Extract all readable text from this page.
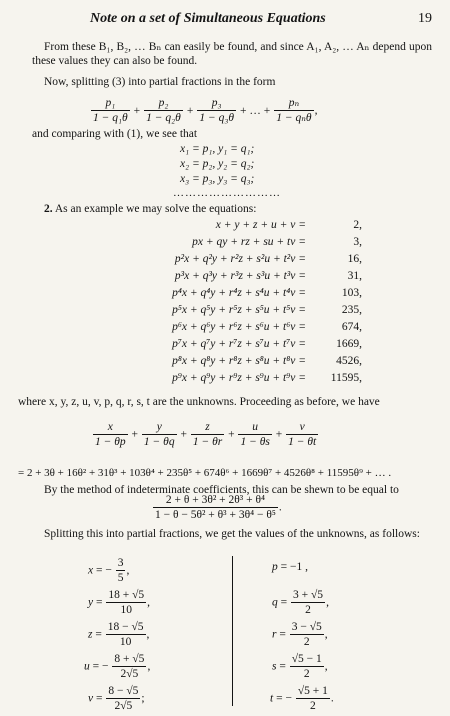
Note on a set of Simultaneous Equations	19
From these B₁, B₂, … Bₙ can easily be found, and since A₁, A₂, … Aₙ depend upon these values they can also be found.
Now, splitting (3) into partial fractions in the form
$\frac{\text{p₁}}{\text{1 − q₁θ}} + \frac{\text{p₂}}{\text{1 − q₂θ}} + \frac{\text{p₃}}{\text{1 − q₃θ}}$ + … + $\frac{\text{pₙ}}{\text{1 − qₙθ}}$ ,
and comparing with (1), we see that
x₁ = p₁, y₁ = q₁;
x₂ = p₂, y₂ = q₂;
x₃ = p₃, y₃ = q₃;
………………………
2. As an example we may solve the equations:
x + y + z + u + v =	2,
px + qy + rz + su + tv =	3,
p²x + q²y + r²z + s²u + t²v =	16,
p³x + q³y + r³z + s³u + t³v =	31,
p⁴x + q⁴y + r⁴z + s⁴u + t⁴v =	103,
p⁵x + q⁵y + r⁵z + s⁵u + t⁵v =	235,
p⁶x + q⁶y + r⁶z + s⁶u + t⁶v =	674,
p⁷x + q⁷y + r⁷z + s⁷u + t⁷v =	1669,
p⁸x + q⁸y + r⁸z + s⁸u + t⁸v =	4526,
p⁹x + q⁹y + r⁹z + s⁹u + t⁹v =	11595,
where x, y, z, u, v, p, q, r, s, t are the unknowns. Proceeding as before, we have
$\frac{x}{1 - \theta p} + \frac{y}{1 - \theta q} + \frac{z}{1 - \theta r} + \frac{u}{1 - \theta s} + \frac{v}{1 - \theta t}$
= 2 + 3θ + 16θ² + 31θ³ + 103θ⁴ + 235θ⁵ + 674θ⁶ + 1669θ⁷ + 4526θ⁸ + 11595θ⁹ + … .
By the method of indeterminate coefficients, this can be shewn to be equal to
$\frac{\text{2 + θ + 3θ² + 2θ³ + θ⁴}}{\text{1 − θ − 5θ² + θ³ + 3θ⁴ − θ⁵}}$ .
Splitting this into partial fractions, we get the values of the unknowns, as follows:
x = − $\frac{3}{5}$ ,
$y = \frac{18 + √5}{10}$ ,
$z = \frac{18 - √5}{10}$ ,
u = − $\frac{8 + √5}{2√5}$ ,
$v = \frac{8 - √5}{2√5}$ ;
p = −1 ,
$q = \frac{3 + √5}{2}$ ,
$r = \frac{3 - √5}{2}$ ,
$s = \frac{√5 - 1}{2}$ ,
t = − $\frac{√5 + 1}{2}$ .
